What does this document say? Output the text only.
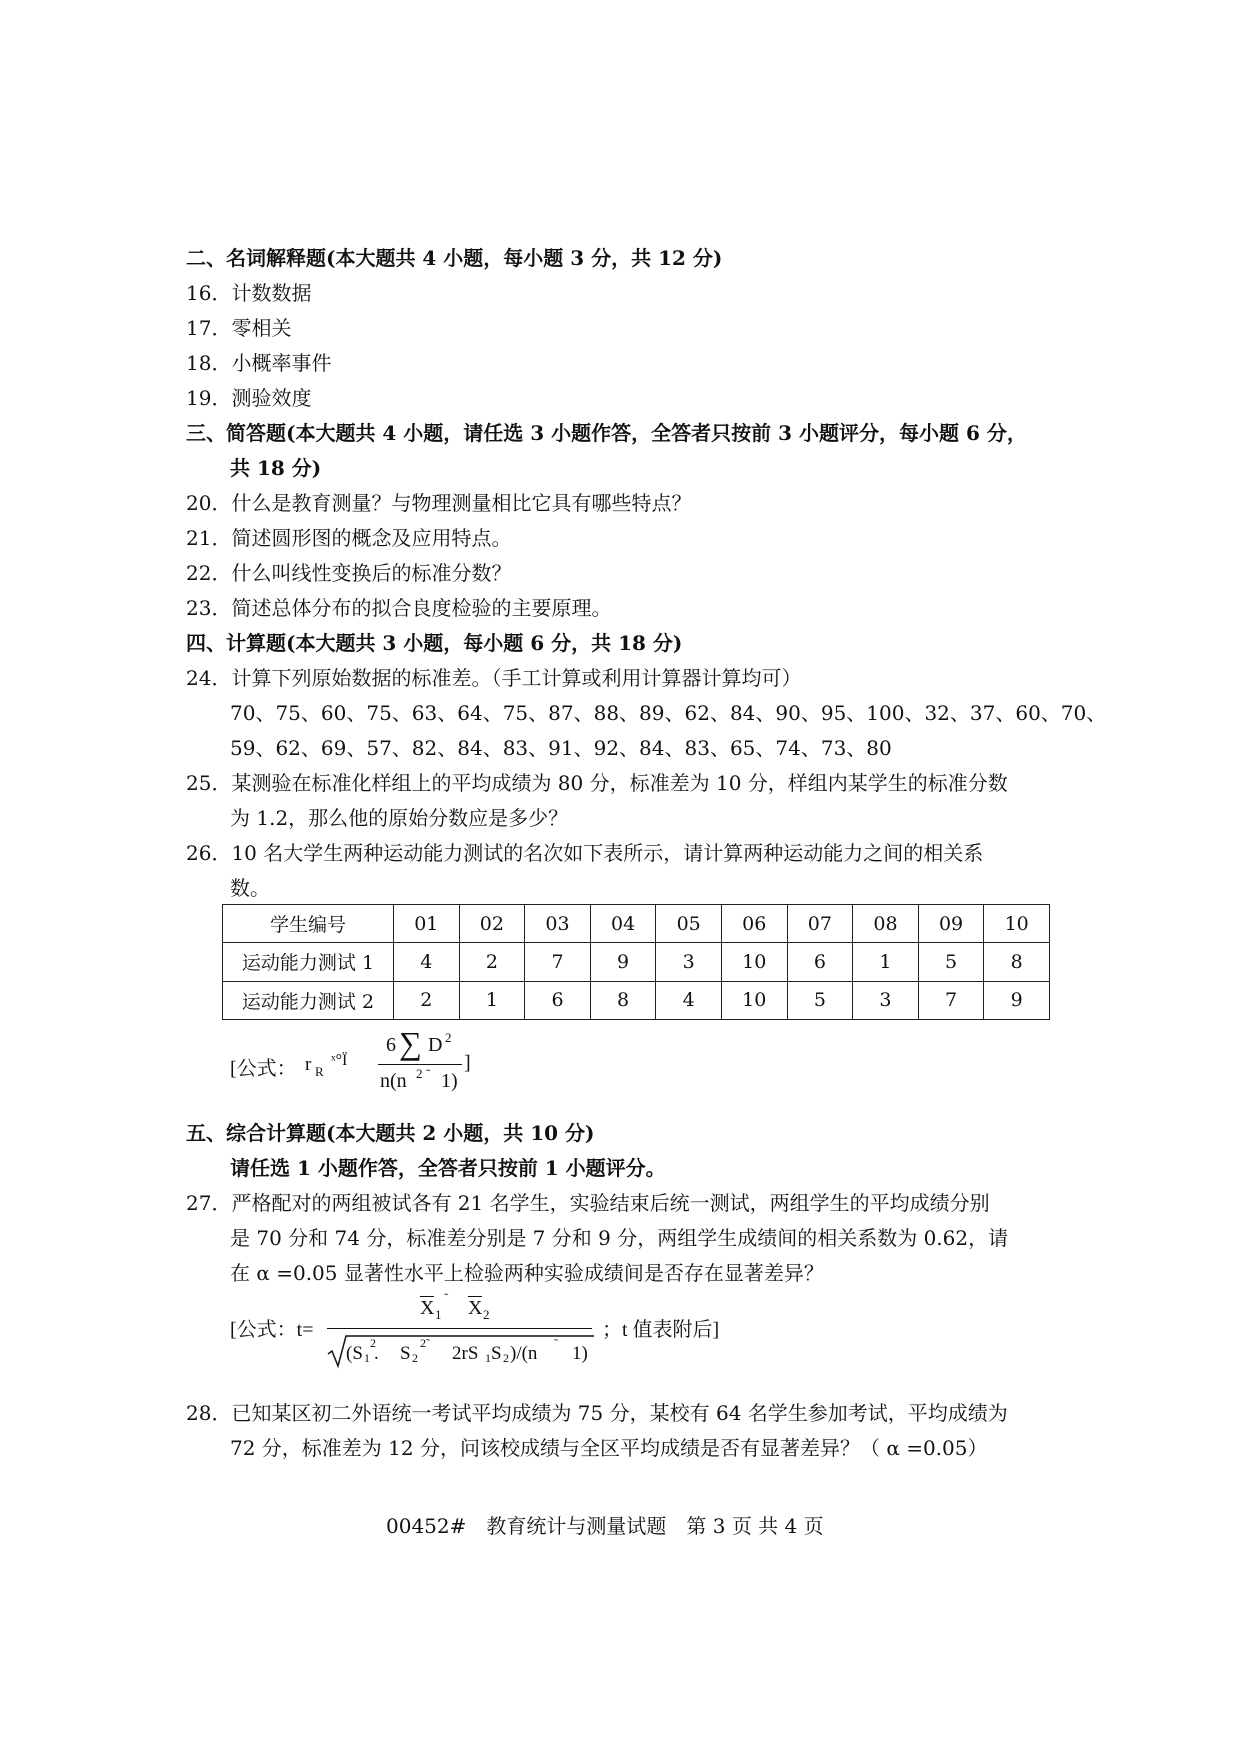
二、名词解释题(本大题共 4 小题，每小题 3 分，共 12 分)
16．计数数据
17．零相关
18．小概率事件
19．测验效度
三、简答题(本大题共 4 小题，请任选 3 小题作答，全答者只按前 3 小题评分，每小题 6 分，
共 18 分)
20．什么是教育测量？与物理测量相比它具有哪些特点？
21．简述圆形图的概念及应用特点。
22．什么叫线性变换后的标准分数？
23．简述总体分布的拟合良度检验的主要原理。
四、计算题(本大题共 3 小题，每小题 6 分，共 18 分)
24．计算下列原始数据的标准差。（手工计算或利用计算器计算均可）
70、75、60、75、63、64、75、87、88、89、62、84、90、95、100、32、37、60、70、
59、62、69、57、82、84、83、91、92、84、83、65、74、73、80
25．某测验在标准化样组上的平均成绩为 80 分，标准差为 10 分，样组内某学生的标准分数
为 1.2，那么他的原始分数应是多少？
26．10 名大学生两种运动能力测试的名次如下表所示，请计算两种运动能力之间的相关系
数。
学生编号	01	02	03	04	05	06	07	08	09	10
运动能力测试 1	4	2	7	9	3	10	6	1	5	8
运动能力测试 2	2	1	6	8	4	10	5	3	7	9
[公式： r R
ˣ°Ï
6 ∑ D 2
n(n 2 ˜ 1)
]
五、综合计算题(本大题共 2 小题，共 10 分)
请任选 1 小题作答，全答者只按前 1 小题评分。
27．严格配对的两组被试各有 21 名学生，实验结束后统一测试，两组学生的平均成绩分别
是 70 分和 74 分，标准差分别是 7 分和 9 分，两组学生成绩间的相关系数为 0.62，请
在 α =0.05 显著性水平上检验两种实验成绩间是否存在显著差异？
[公式：t=
X 1
˜ X 2
(S 1
2
. S 2
2˜ 2rS 1 S 2 )/(n ˜ 1)
；t 值表附后]
28．已知某区初二外语统一考试平均成绩为 75 分，某校有 64 名学生参加考试，平均成绩为
72 分，标准差为 12 分，问该校成绩与全区平均成绩是否有显著差异？（ α =0.05）
00452#　教育统计与测量试题　第 3 页 共 4 页
